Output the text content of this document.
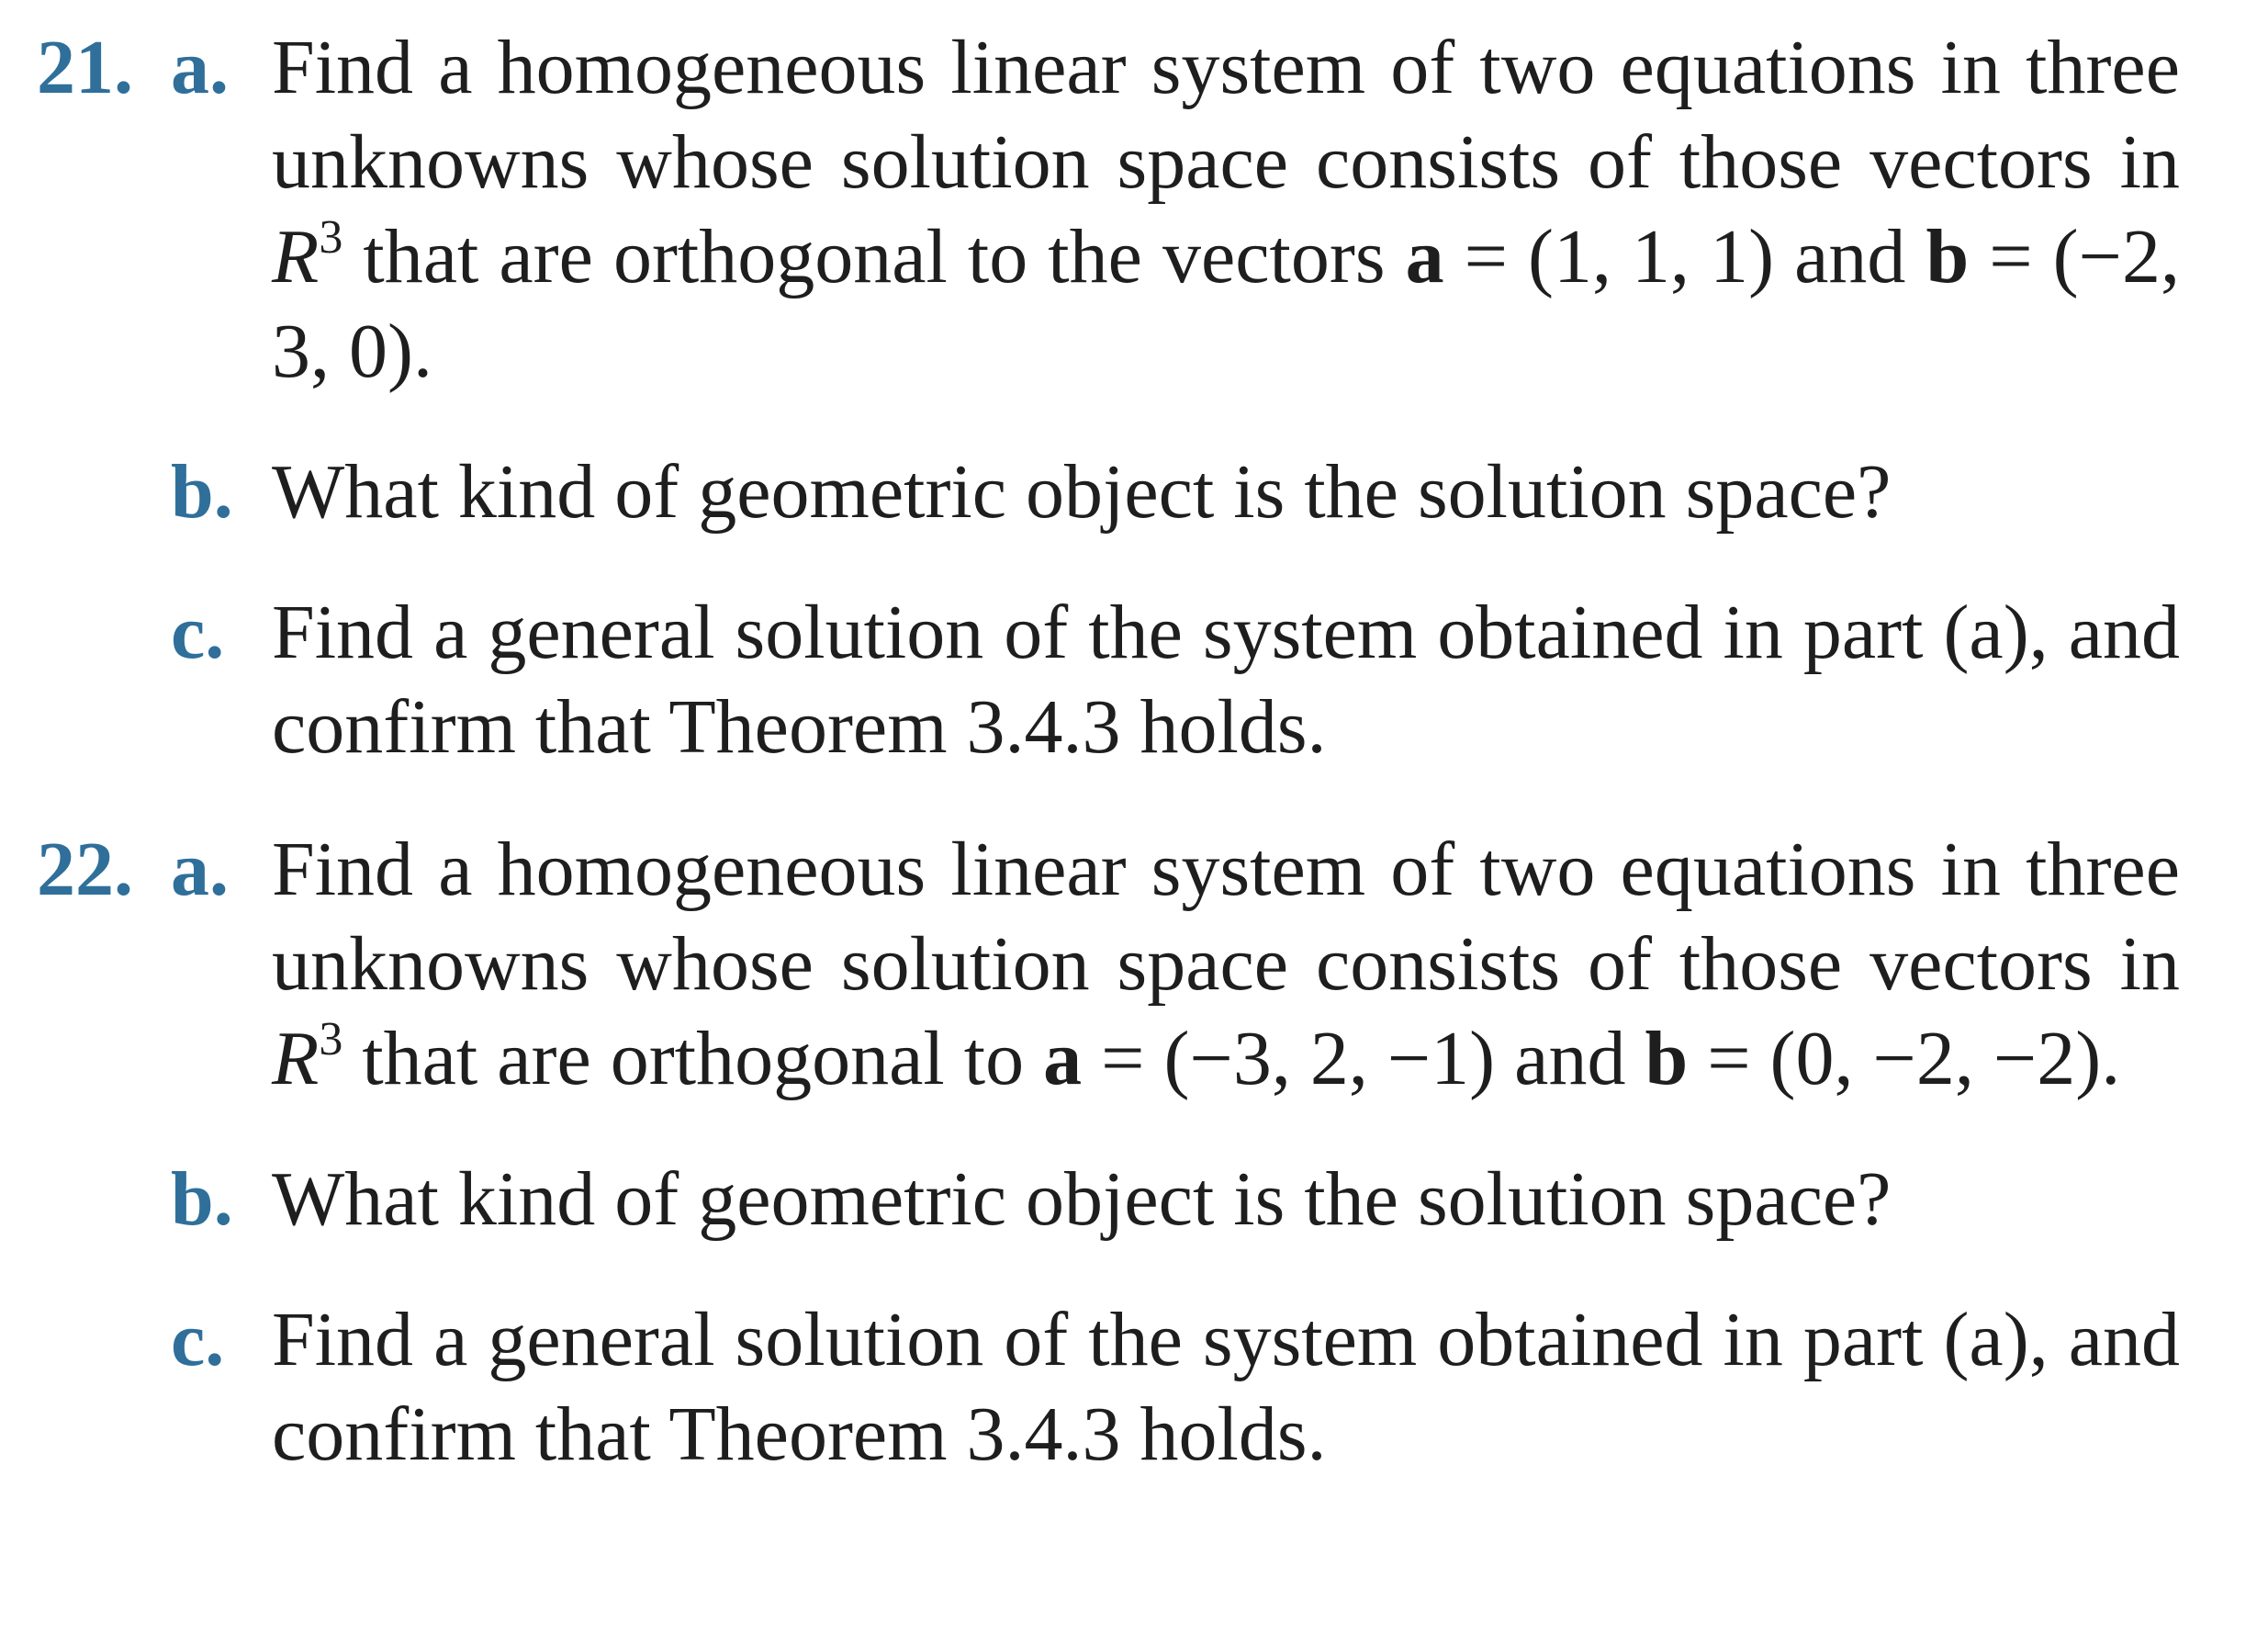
21. a. Find a homogeneous linear system of two equations in three unknowns whose solution space consists of those vectors in $R^3$ that are orthogonal to the vectors a = (1, 1, 1) and b = (−2, 3, 0).
b. What kind of geometric object is the solution space?
c. Find a general solution of the system obtained in part (a), and confirm that Theorem 3.4.3 holds.
22. a. Find a homogeneous linear system of two equations in three unknowns whose solution space consists of those vectors in $R^3$ that are orthogonal to a = (−3, 2, −1) and b = (0, −2, −2).
b. What kind of geometric object is the solution space?
c. Find a general solution of the system obtained in part (a), and confirm that Theorem 3.4.3 holds.
